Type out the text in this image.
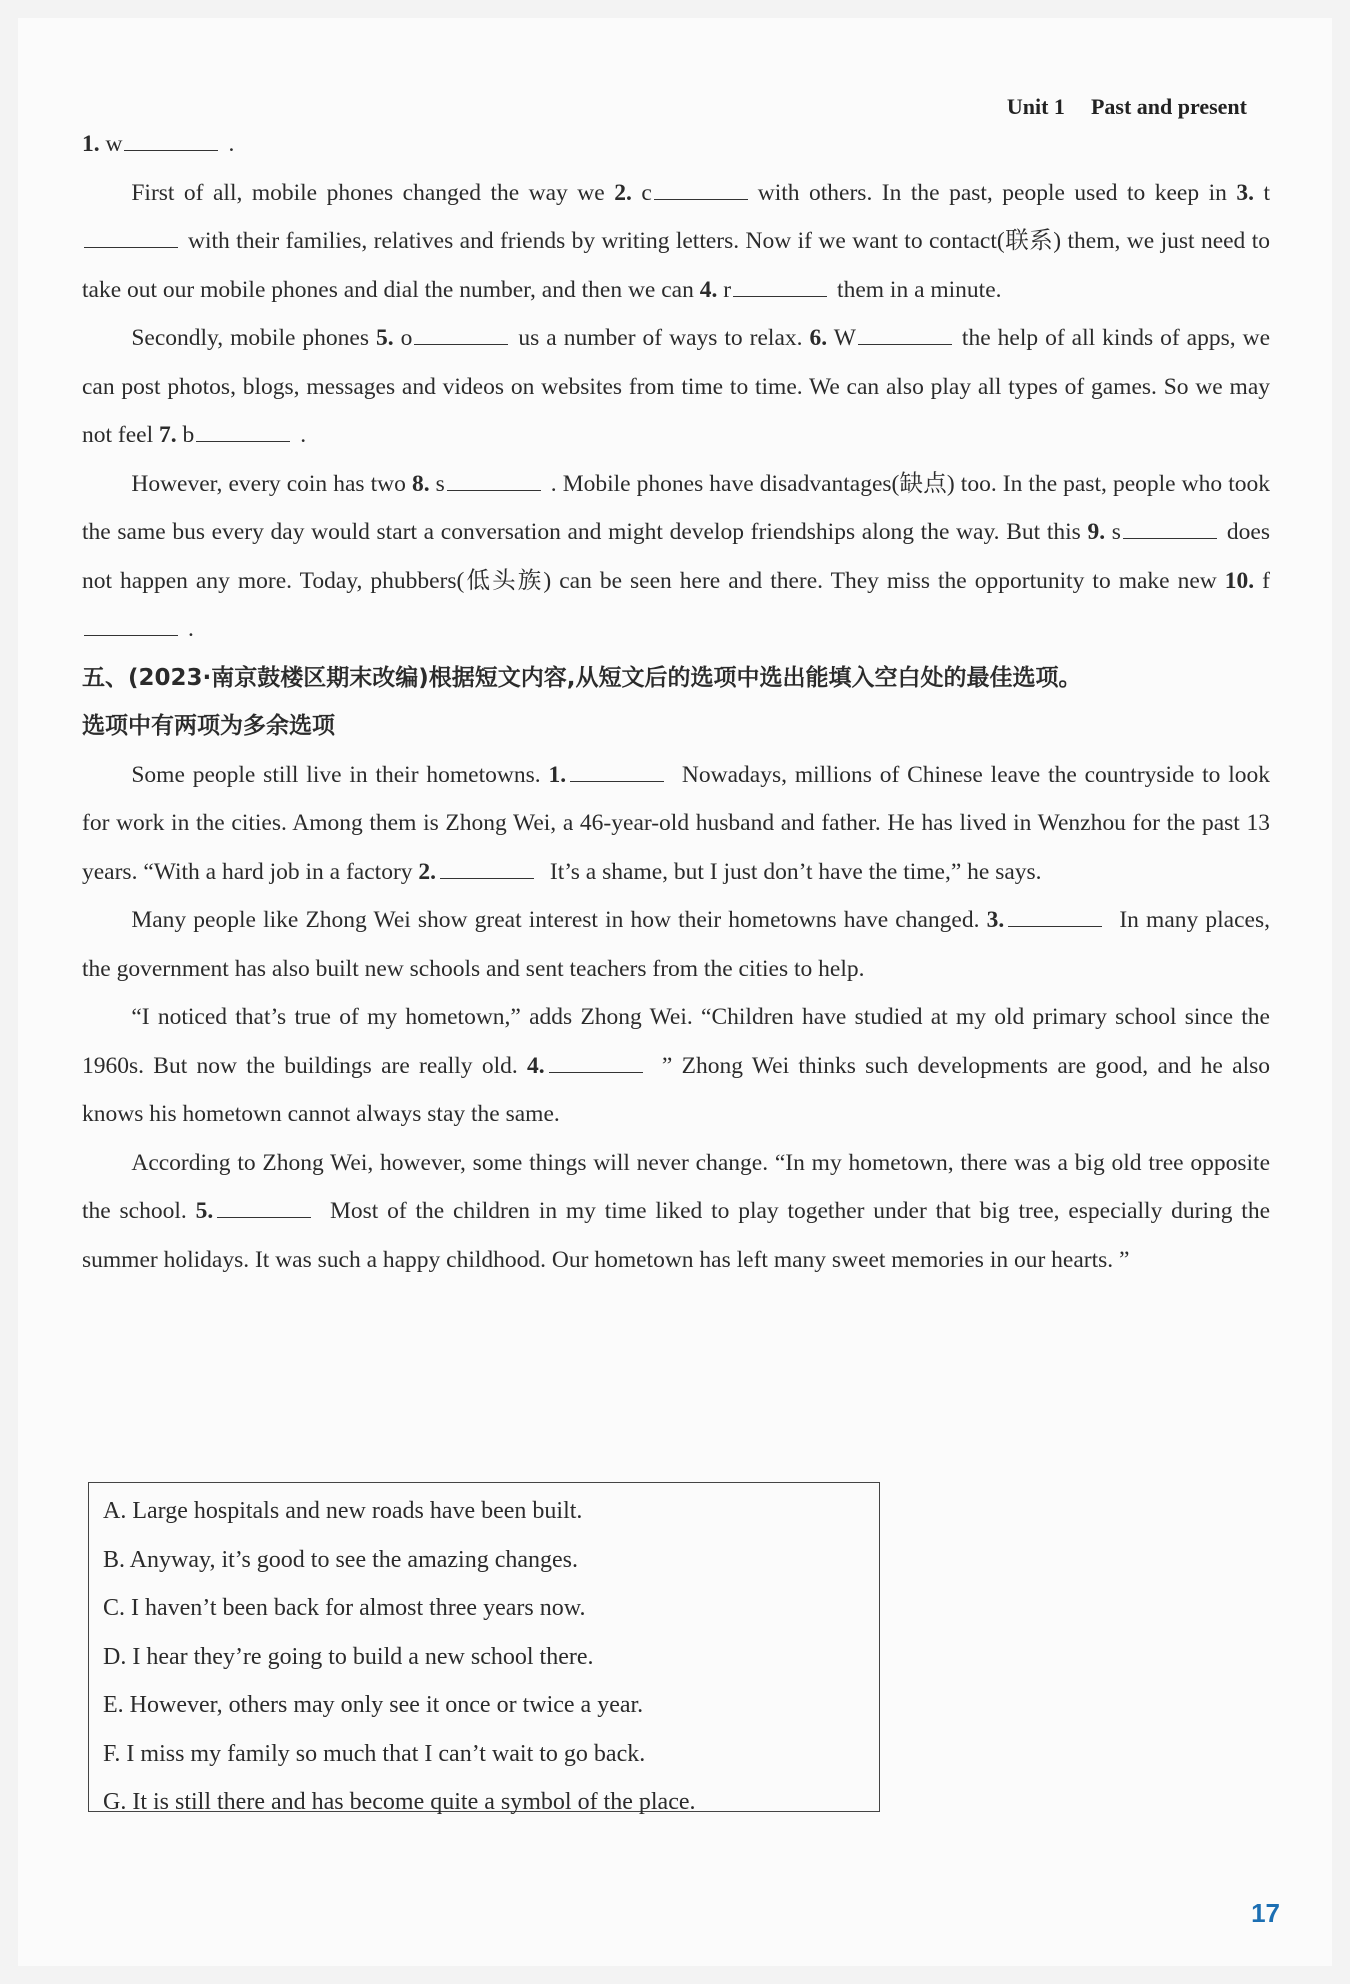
Unit 1 Past and present

1. w	.

First of all, mobile phones changed the way we 2. c	with others. In the past, people used to keep in 3. twith their families, relatives and friends by writing letters. Now if we want to contact(联系) them, we just need to take out our mobile phones and dial the number, and then we can 4. r	them in a minute.

Secondly, mobile phones 5. o	us a number of ways to relax. 6. W	the help of all kinds of apps, we can post photos, blogs, messages and videos on websites from time to time. We can also play all types of games. So we may not feel 7. b	.

However, every coin has two 8. s	. Mobile phones have disadvantages(缺点) too. In the past, people who took the same bus every day would start a conversation and might develop friendships along the way. But this 9. s	does not happen any more. Today, phubbers(低头族) can be seen here and there. They miss the opportunity to make new 10. f.

五、(2023·南京鼓楼区期末改编)根据短文内容,从短文后的选项中选出能填入空白处的最佳选项。
选项中有两项为多余选项

Some people still live in their hometowns. 1.	Nowadays, millions of Chinese leave the countryside to look for work in the cities. Among them is Zhong Wei, a 46-year-old husband and father. He has lived in Wenzhou for the past 13 years. “With a hard job in a factory 2.	It’s a shame, but I just don’t have the time,” he says.

Many people like Zhong Wei show great interest in how their hometowns have changed. 3.	In many places, the government has also built new schools and sent teachers from the cities to help.

“I noticed that’s true of my hometown,” adds Zhong Wei. “Children have studied at my old primary school since the 1960s. But now the buildings are really old. 4.	” Zhong Wei thinks such developments are good, and he also knows his hometown cannot always stay the same.

According to Zhong Wei, however, some things will never change. “In my hometown, there was a big old tree opposite the school. 5.	Most of the children in my time liked to play together under that big tree, especially during the summer holidays. It was such a happy childhood. Our hometown has left many sweet memories in our hearts. ”

A. Large hospitals and new roads have been built.
B. Anyway, it’s good to see the amazing changes.
C. I haven’t been back for almost three years now.
D. I hear they’re going to build a new school there.
E. However, others may only see it once or twice a year.
F. I miss my family so much that I can’t wait to go back.
G. It is still there and has become quite a symbol of the place.
17
